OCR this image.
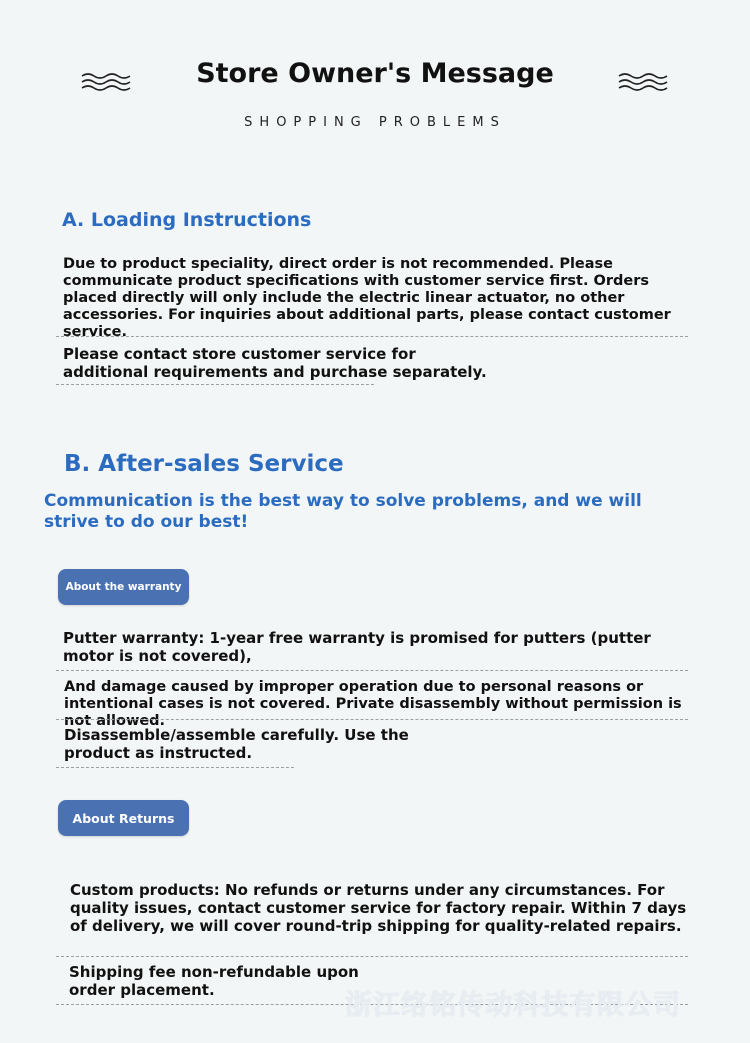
Store Owner's Message
SHOPPING PROBLEMS
A. Loading Instructions
Due to product speciality, direct order is not recommended. Please communicate product specifications with customer service first. Orders placed directly will only include the electric linear actuator, no other accessories. For inquiries about additional parts, please contact customer service.
Please contact store customer service for additional requirements and purchase separately.
B. After-sales Service
Communication is the best way to solve problems, and we will strive to do our best!
About the warranty
Putter warranty: 1-year free warranty is promised for putters (putter motor is not covered),
And damage caused by improper operation due to personal reasons or intentional cases is not covered. Private disassembly without permission is not allowed.
Disassemble/assemble carefully. Use the product as instructed.
About Returns
Custom products: No refunds or returns under any circumstances. For quality issues, contact customer service for factory repair. Within 7 days of delivery, we will cover round-trip shipping for quality-related repairs.
Shipping fee non-refundable upon order placement.	浙江络铭传动科技有限公司
